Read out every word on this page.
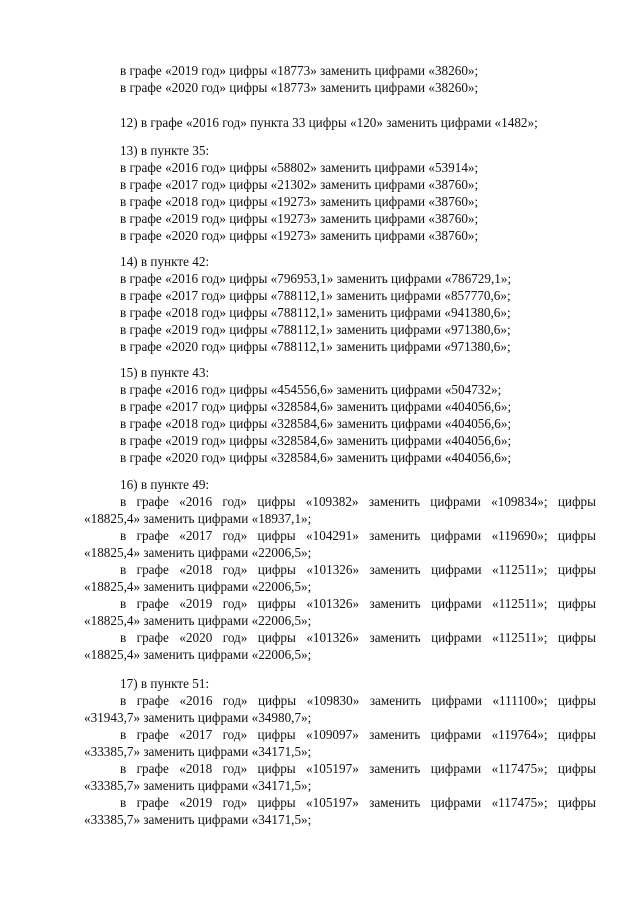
в графе «2019 год» цифры «18773» заменить цифрами «38260»;
в графе «2020 год» цифры «18773» заменить цифрами «38260»;
12) в графе «2016 год» пункта 33 цифры «120» заменить цифрами «1482»;
13) в пункте 35:
в графе «2016 год» цифры «58802» заменить цифрами «53914»;
в графе «2017 год» цифры «21302» заменить цифрами «38760»;
в графе «2018 год» цифры «19273» заменить цифрами «38760»;
в графе «2019 год» цифры «19273» заменить цифрами «38760»;
в графе «2020 год» цифры «19273» заменить цифрами «38760»;
14) в пункте 42:
в графе «2016 год» цифры «796953,1» заменить цифрами «786729,1»;
в графе «2017 год» цифры «788112,1» заменить цифрами «857770,6»;
в графе «2018 год» цифры «788112,1» заменить цифрами «941380,6»;
в графе «2019 год» цифры «788112,1» заменить цифрами «971380,6»;
в графе «2020 год» цифры «788112,1» заменить цифрами «971380,6»;
15) в пункте 43:
в графе «2016 год» цифры «454556,6» заменить цифрами «504732»;
в графе «2017 год» цифры «328584,6» заменить цифрами «404056,6»;
в графе «2018 год» цифры «328584,6» заменить цифрами «404056,6»;
в графе «2019 год» цифры «328584,6» заменить цифрами «404056,6»;
в графе «2020 год» цифры «328584,6» заменить цифрами «404056,6»;
16) в пункте 49:
в графе «2016 год» цифры «109382» заменить цифрами «109834»; цифры
«18825,4» заменить цифрами «18937,1»;
в графе «2017 год» цифры «104291» заменить цифрами «119690»; цифры
«18825,4» заменить цифрами «22006,5»;
в графе «2018 год» цифры «101326» заменить цифрами «112511»; цифры
«18825,4» заменить цифрами «22006,5»;
в графе «2019 год» цифры «101326» заменить цифрами «112511»; цифры
«18825,4» заменить цифрами «22006,5»;
в графе «2020 год» цифры «101326» заменить цифрами «112511»; цифры
«18825,4» заменить цифрами «22006,5»;
17) в пункте 51:
в графе «2016 год» цифры «109830» заменить цифрами «111100»; цифры
«31943,7» заменить цифрами «34980,7»;
в графе «2017 год» цифры «109097» заменить цифрами «119764»; цифры
«33385,7» заменить цифрами «34171,5»;
в графе «2018 год» цифры «105197» заменить цифрами «117475»; цифры
«33385,7» заменить цифрами «34171,5»;
в графе «2019 год» цифры «105197» заменить цифрами «117475»; цифры
«33385,7» заменить цифрами «34171,5»;
